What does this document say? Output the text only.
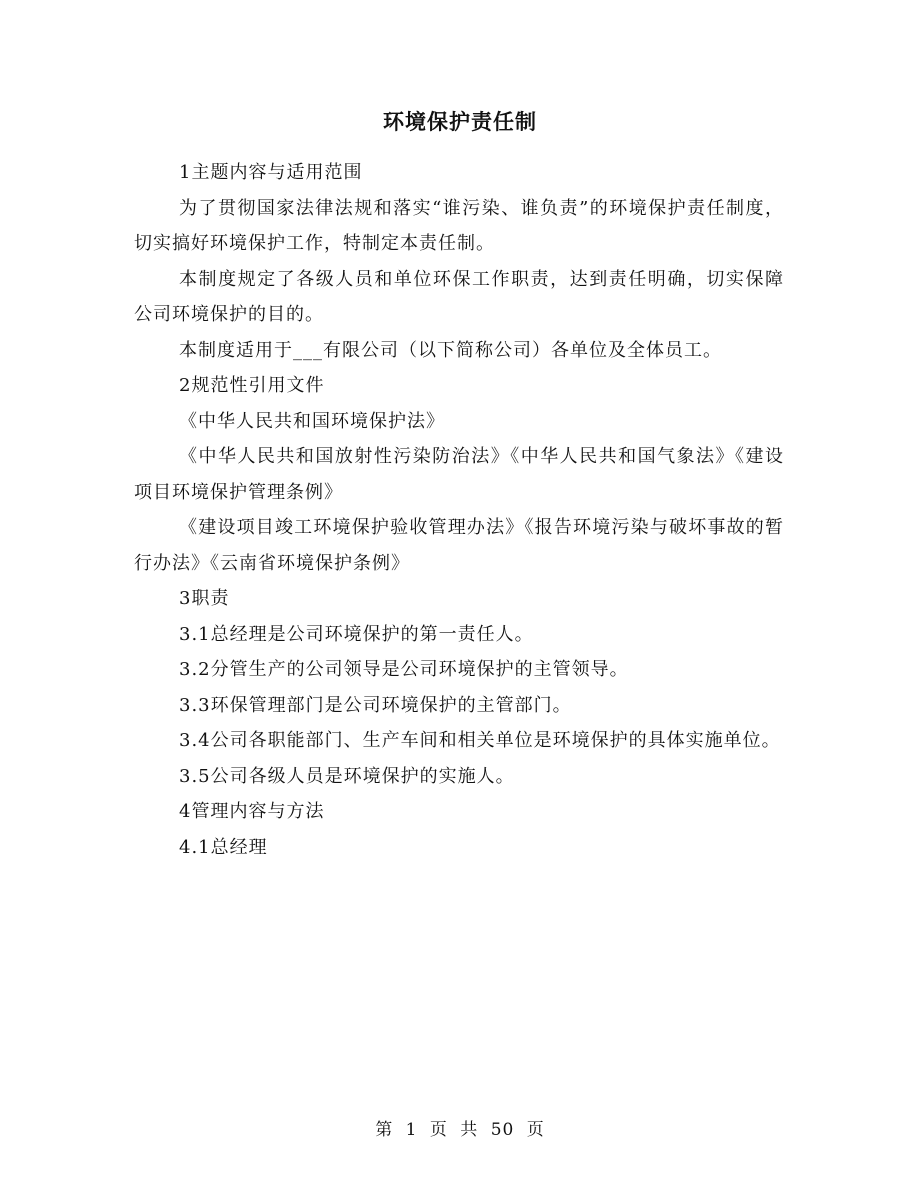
环境保护责任制

1主题内容与适用范围

为了贯彻国家法律法规和落实“谁污染、谁负责”的环境保护责任制度，切实搞好环境保护工作，特制定本责任制。

本制度规定了各级人员和单位环保工作职责，达到责任明确，切实保障公司环境保护的目的。

本制度适用于___有限公司（以下简称公司）各单位及全体员工。

2规范性引用文件

《中华人民共和国环境保护法》

《中华人民共和国放射性污染防治法》《中华人民共和国气象法》《建设项目环境保护管理条例》

《建设项目竣工环境保护验收管理办法》《报告环境污染与破坏事故的暂行办法》《云南省环境保护条例》

3职责

3.1总经理是公司环境保护的第一责任人。

3.2分管生产的公司领导是公司环境保护的主管领导。

3.3环保管理部门是公司环境保护的主管部门。

3.4公司各职能部门、生产车间和相关单位是环境保护的具体实施单位。

3.5公司各级人员是环境保护的实施人。

4管理内容与方法

4.1总经理

第 1 页 共 50 页
